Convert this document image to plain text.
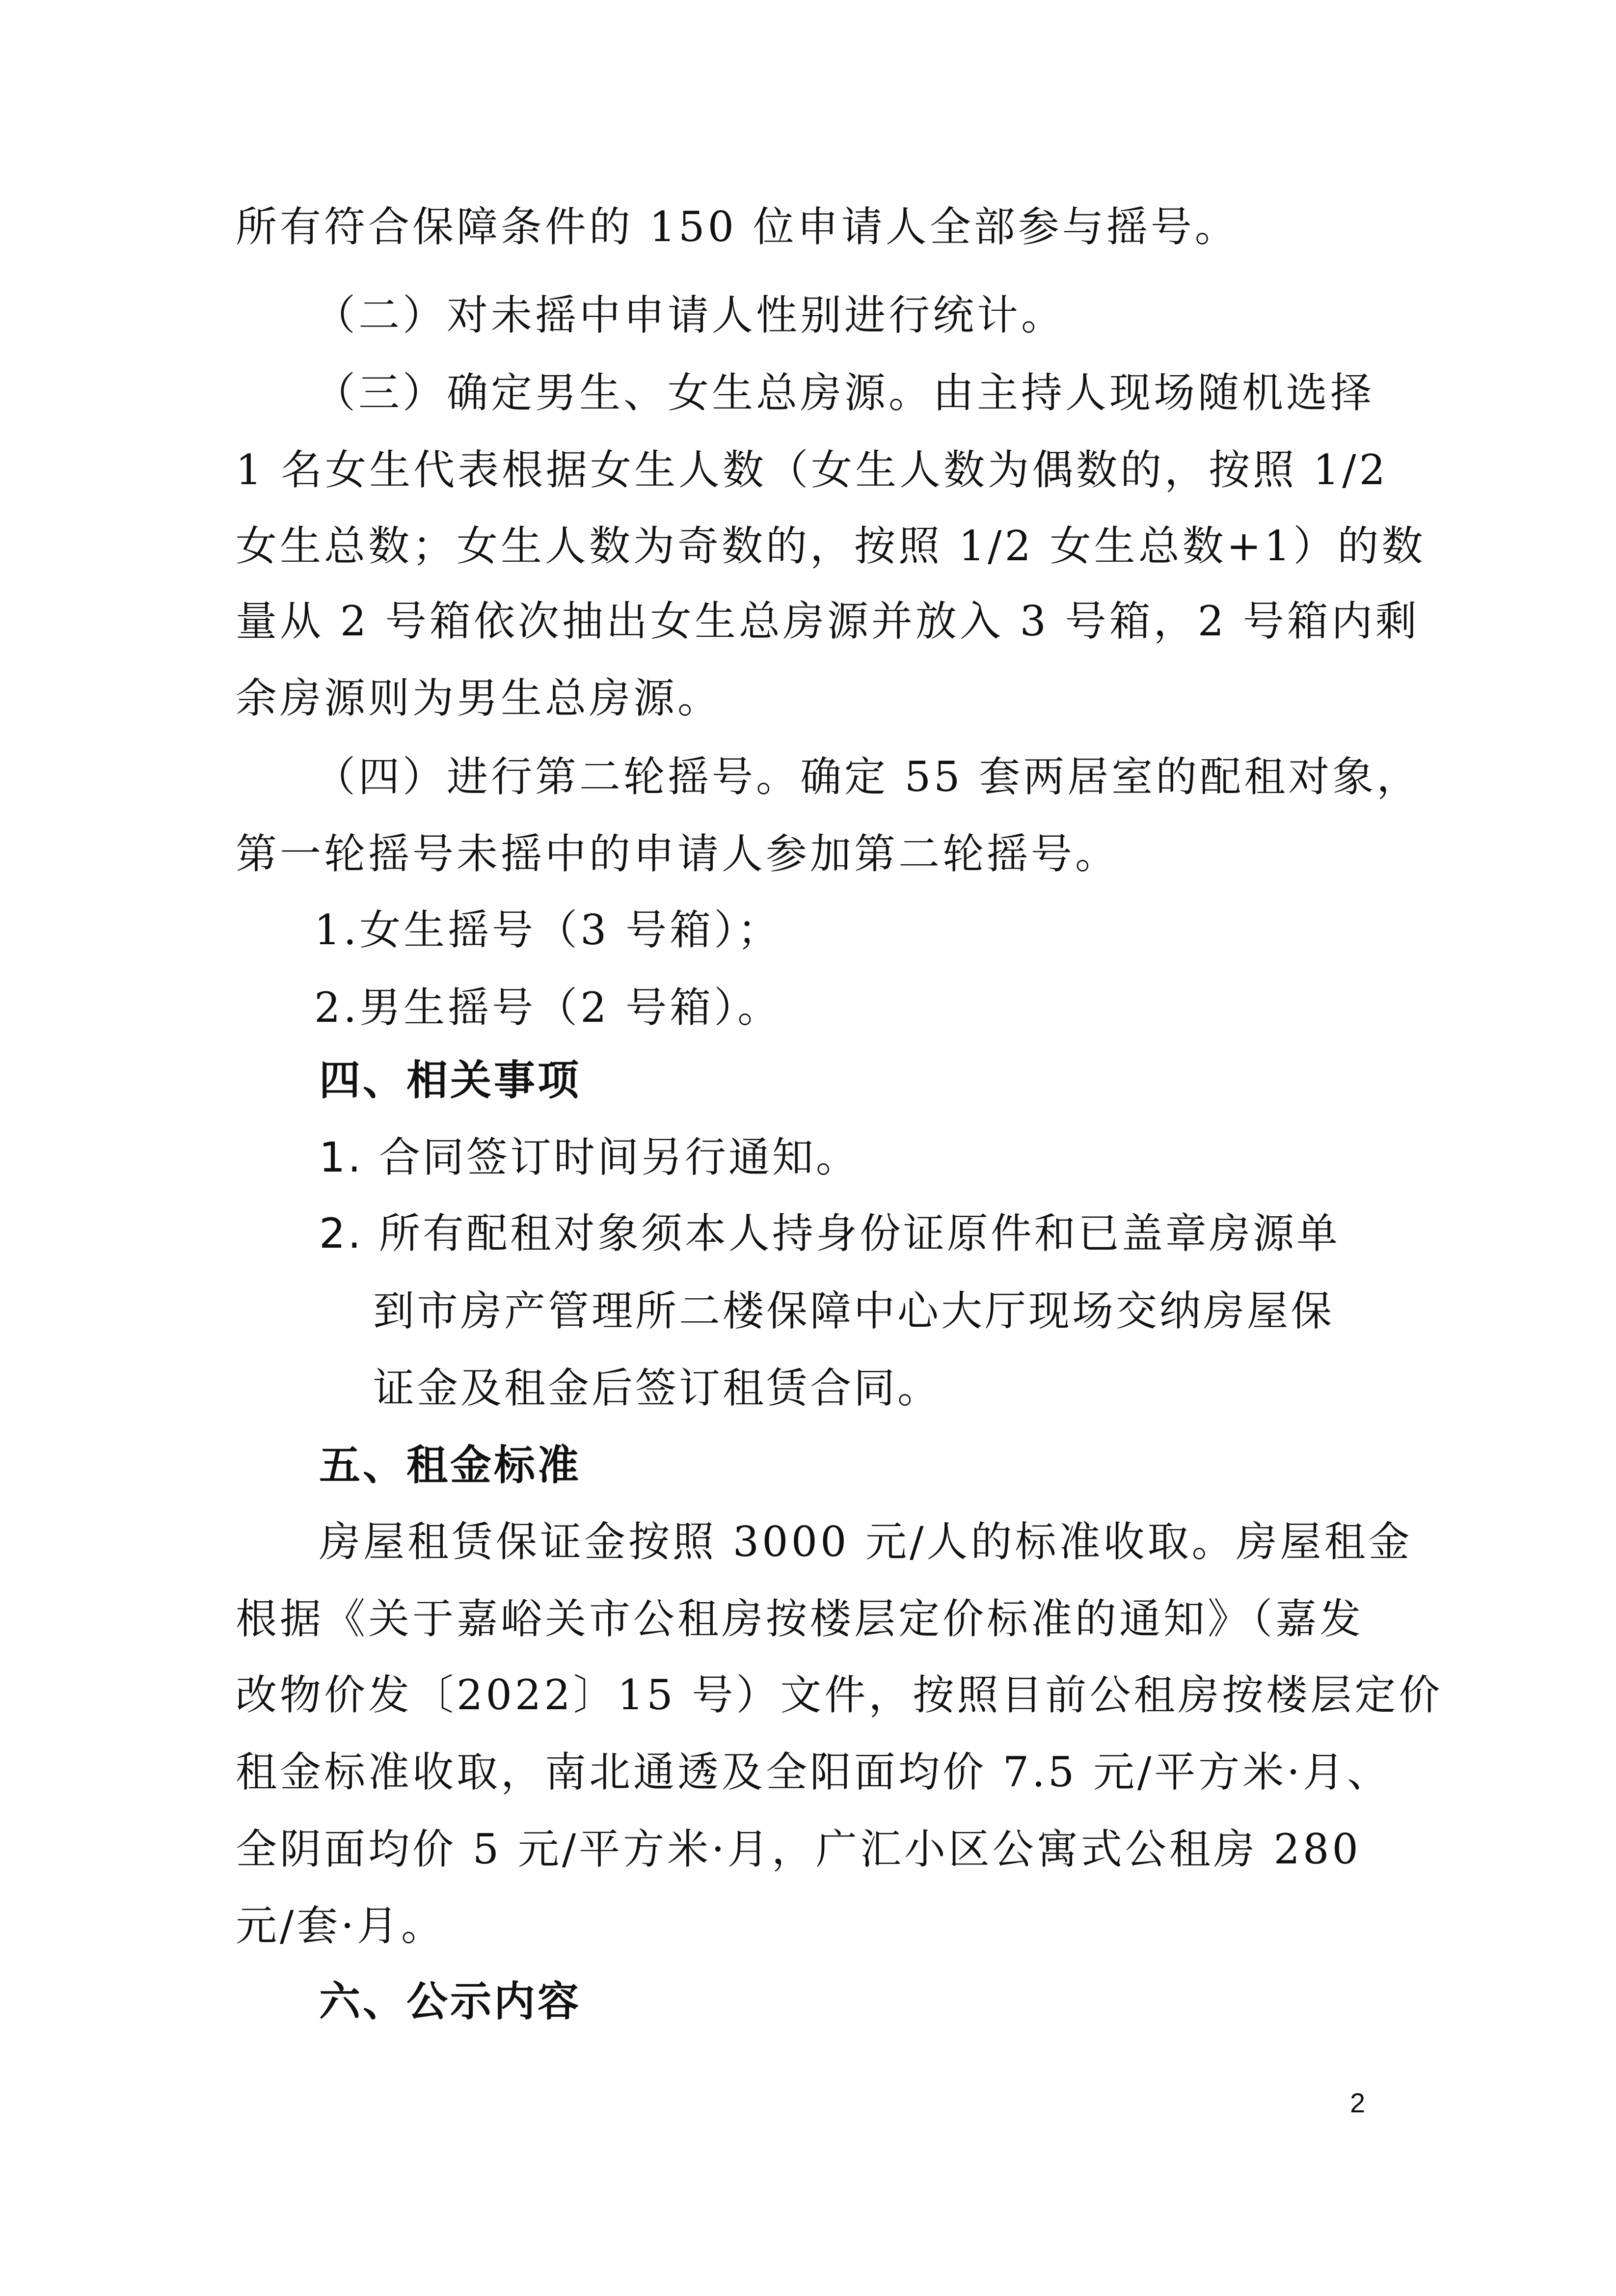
所有符合保障条件的 150 位申请人全部参与摇号。
（二）对未摇中申请人性别进行统计。
（三）确定男生、女生总房源。由主持人现场随机选择
1 名女生代表根据女生人数（女生人数为偶数的，按照 1/2
女生总数；女生人数为奇数的，按照 1/2 女生总数+1）的数
量从 2 号箱依次抽出女生总房源并放入 3 号箱，2 号箱内剩
余房源则为男生总房源。
（四）进行第二轮摇号。确定 55 套两居室的配租对象，
第一轮摇号未摇中的申请人参加第二轮摇号。
1.女生摇号（3 号箱）；
2.男生摇号（2 号箱）。
四、相关事项
1. 合同签订时间另行通知。
2. 所有配租对象须本人持身份证原件和已盖章房源单
到市房产管理所二楼保障中心大厅现场交纳房屋保
证金及租金后签订租赁合同。
五、租金标准
房屋租赁保证金按照 3000 元/人的标准收取。房屋租金
根据《关于嘉峪关市公租房按楼层定价标准的通知》（嘉发
改物价发〔2022〕15 号）文件，按照目前公租房按楼层定价
租金标准收取，南北通透及全阳面均价 7.5 元/平方米·月、
全阴面均价 5 元/平方米·月，广汇小区公寓式公租房 280
元/套·月。
六、公示内容
2
